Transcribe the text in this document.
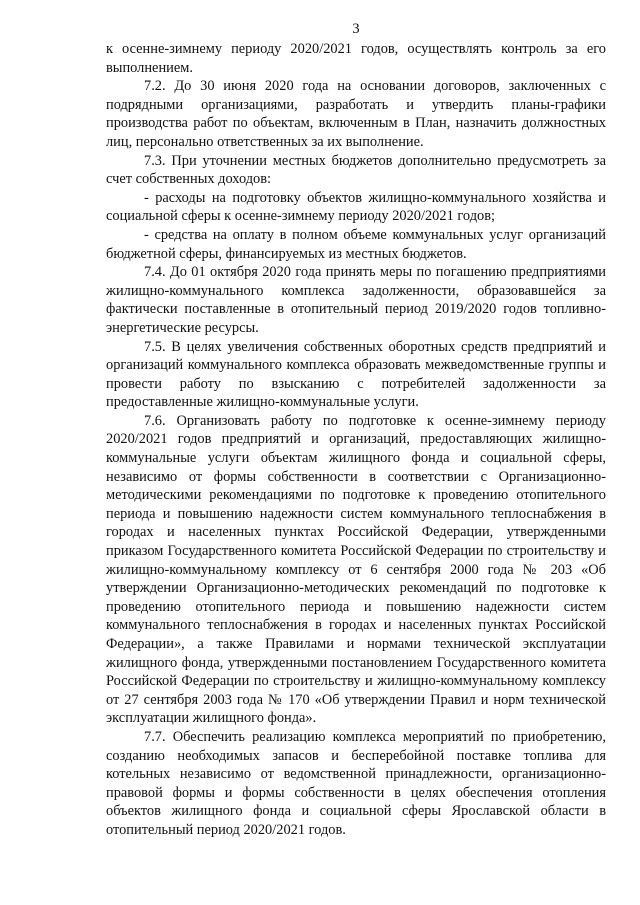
3

к осенне-зимнему периоду 2020/2021 годов, осуществлять контроль за его выполнением.

7.2. До 30 июня 2020 года на основании договоров, заключенных с подрядными организациями, разработать и утвердить планы-графики производства работ по объектам, включенным в План, назначить должностных лиц, персонально ответственных за их выполнение.

7.3. При уточнении местных бюджетов дополнительно предусмотреть за счет собственных доходов:

- расходы на подготовку объектов жилищно-коммунального хозяйства и социальной сферы к осенне-зимнему периоду 2020/2021 годов;

- средства на оплату в полном объеме коммунальных услуг организаций бюджетной сферы, финансируемых из местных бюджетов.

7.4. До 01 октября 2020 года принять меры по погашению предприятиями жилищно-коммунального комплекса задолженности, образовавшейся за фактически поставленные в отопительный период 2019/2020 годов топливно-энергетические ресурсы.

7.5. В целях увеличения собственных оборотных средств предприятий и организаций коммунального комплекса образовать межведомственные группы и провести работу по взысканию с потребителей задолженности за предоставленные жилищно-коммунальные услуги.

7.6. Организовать работу по подготовке к осенне-зимнему периоду 2020/2021 годов предприятий и организаций, предоставляющих жилищно-коммунальные услуги объектам жилищного фонда и социальной сферы, независимо от формы собственности в соответствии с Организационно-методическими рекомендациями по подготовке к проведению отопительного периода и повышению надежности систем коммунального теплоснабжения в городах и населенных пунктах Российской Федерации, утвержденными приказом Государственного комитета Российской Федерации по строительству и жилищно-коммунальному комплексу от 6 сентября 2000 года № 203 «Об утверждении Организационно-методических рекомендаций по подготовке к проведению отопительного периода и повышению надежности систем коммунального теплоснабжения в городах и населенных пунктах Российской Федерации», а также Правилами и нормами технической эксплуатации жилищного фонда, утвержденными постановлением Государственного комитета Российской Федерации по строительству и жилищно-коммунальному комплексу от 27 сентября 2003 года № 170 «Об утверждении Правил и норм технической эксплуатации жилищного фонда».

7.7. Обеспечить реализацию комплекса мероприятий по приобретению, созданию необходимых запасов и бесперебойной поставке топлива для котельных независимо от ведомственной принадлежности, организационно-правовой формы и формы собственности в целях обеспечения отопления объектов жилищного фонда и социальной сферы Ярославской области в отопительный период 2020/2021 годов.
